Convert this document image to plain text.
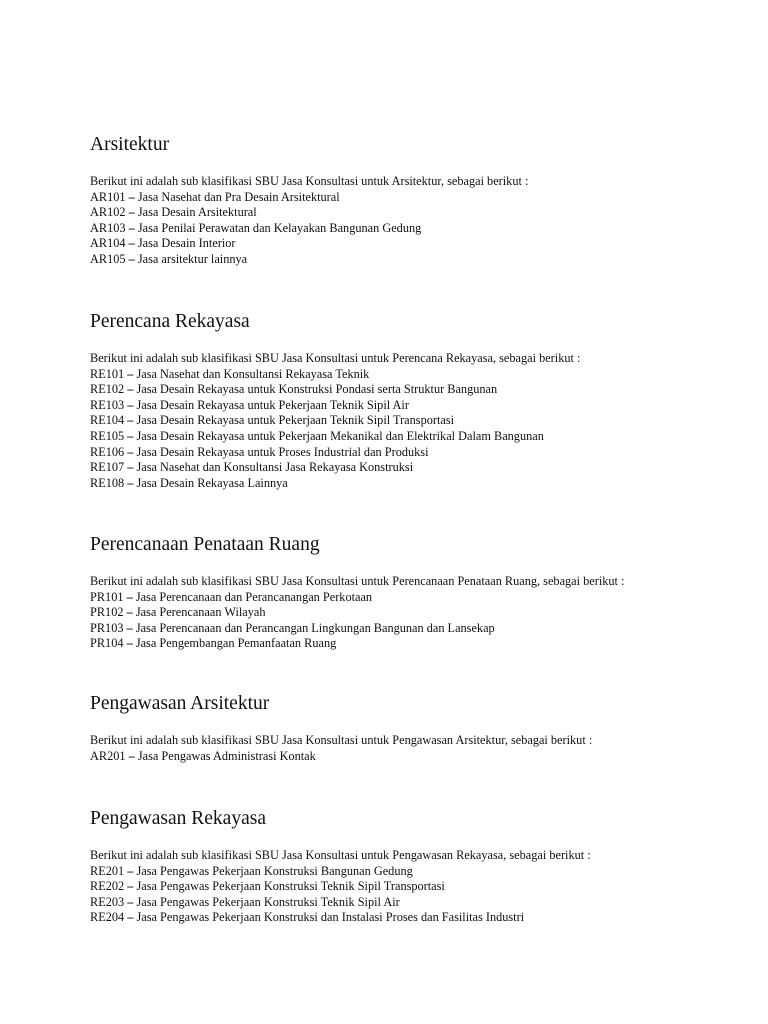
Arsitektur

Berikut ini adalah sub klasifikasi SBU Jasa Konsultasi untuk Arsitektur, sebagai berikut :

AR101 – Jasa Nasehat dan Pra Desain Arsitektural
AR102 – Jasa Desain Arsitektural
AR103 – Jasa Penilai Perawatan dan Kelayakan Bangunan Gedung
AR104 – Jasa Desain Interior
AR105 – Jasa arsitektur lainnya
Perencana Rekayasa

Berikut ini adalah sub klasifikasi SBU Jasa Konsultasi untuk Perencana Rekayasa, sebagai berikut :

RE101 – Jasa Nasehat dan Konsultansi Rekayasa Teknik
RE102 – Jasa Desain Rekayasa untuk Konstruksi Pondasi serta Struktur Bangunan
RE103 – Jasa Desain Rekayasa untuk Pekerjaan Teknik Sipil Air
RE104 – Jasa Desain Rekayasa untuk Pekerjaan Teknik Sipil Transportasi
RE105 – Jasa Desain Rekayasa untuk Pekerjaan Mekanikal dan Elektrikal Dalam Bangunan
RE106 – Jasa Desain Rekayasa untuk Proses Industrial dan Produksi
RE107 – Jasa Nasehat dan Konsultansi Jasa Rekayasa Konstruksi
RE108 – Jasa Desain Rekayasa Lainnya
Perencanaan Penataan Ruang

Berikut ini adalah sub klasifikasi SBU Jasa Konsultasi untuk Perencanaan Penataan Ruang, sebagai berikut :

PR101 – Jasa Perencanaan dan Perancanangan Perkotaan
PR102 – Jasa Perencanaan Wilayah
PR103 – Jasa Perencanaan dan Perancangan Lingkungan Bangunan dan Lansekap
PR104 – Jasa Pengembangan Pemanfaatan Ruang
Pengawasan Arsitektur

Berikut ini adalah sub klasifikasi SBU Jasa Konsultasi untuk Pengawasan Arsitektur, sebagai berikut :

AR201 – Jasa Pengawas Administrasi Kontak
Pengawasan Rekayasa

Berikut ini adalah sub klasifikasi SBU Jasa Konsultasi untuk Pengawasan Rekayasa, sebagai berikut :

RE201 – Jasa Pengawas Pekerjaan Konstruksi Bangunan Gedung
RE202 – Jasa Pengawas Pekerjaan Konstruksi Teknik Sipil Transportasi
RE203 – Jasa Pengawas Pekerjaan Konstruksi Teknik Sipil Air
RE204 – Jasa Pengawas Pekerjaan Konstruksi dan Instalasi Proses dan Fasilitas Industri
